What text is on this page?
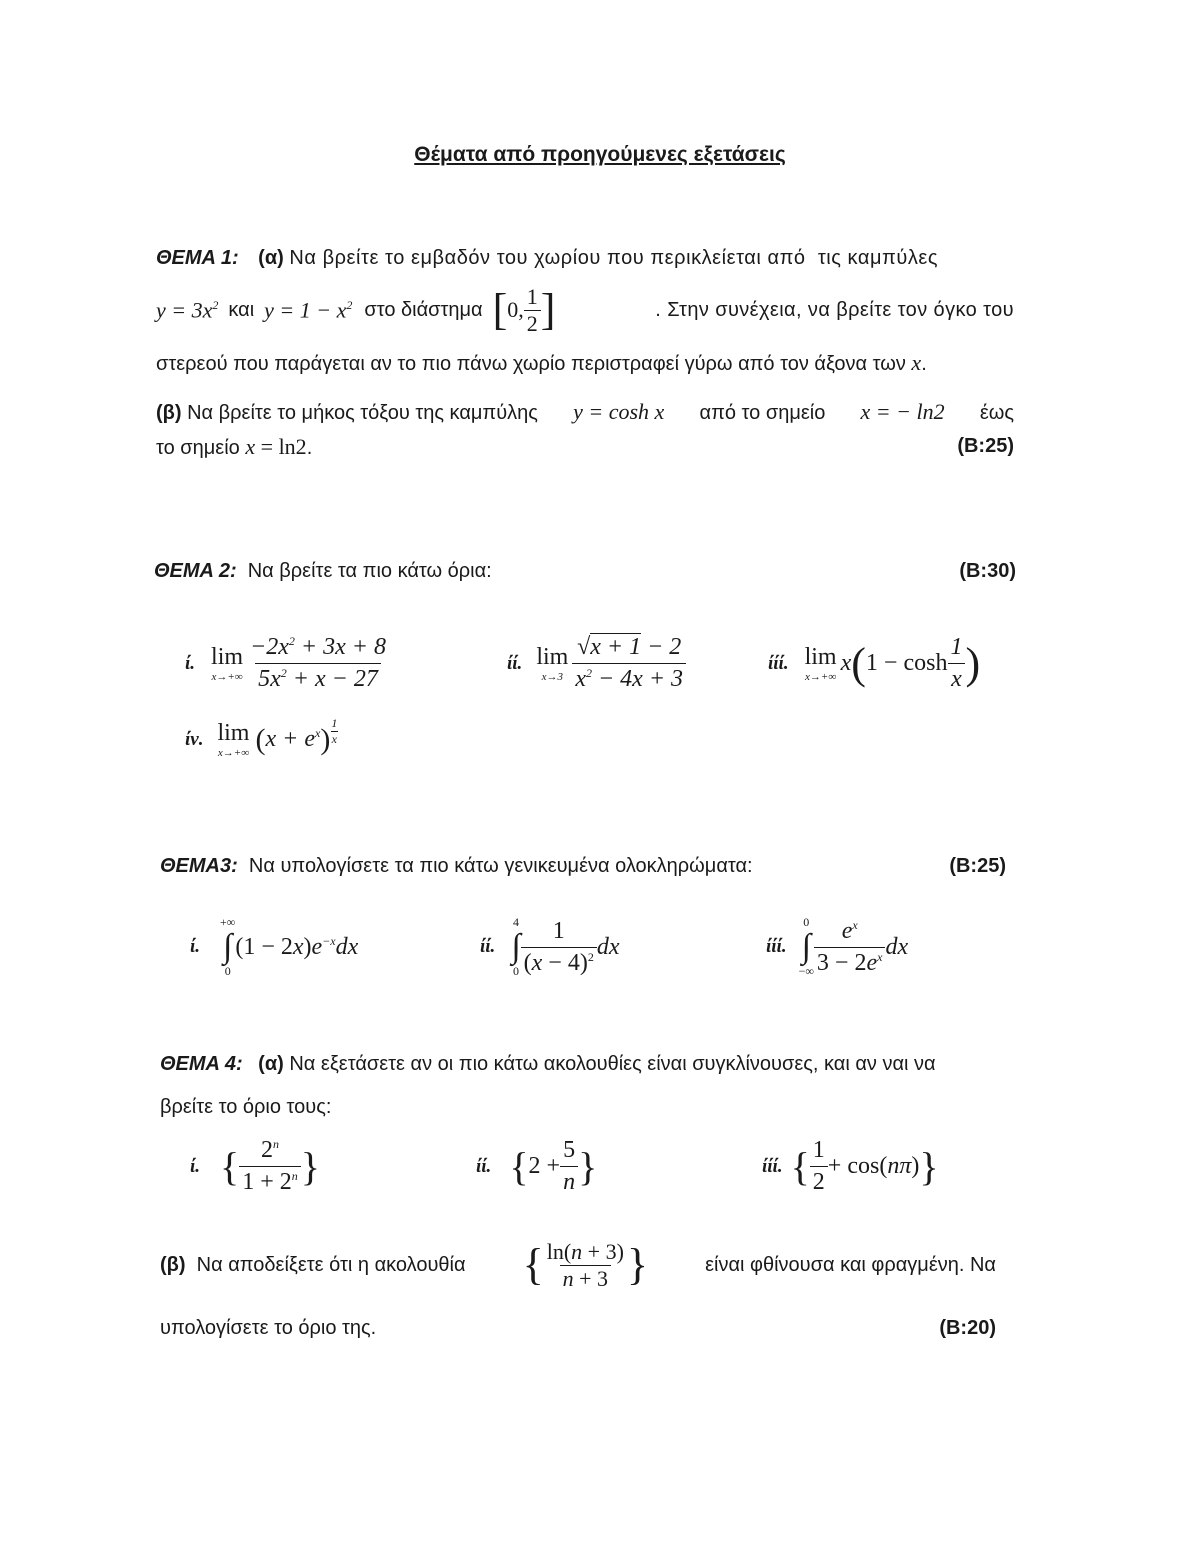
Θέματα από προηγούμενες εξετάσεις
ΘΕΜΑ 1: (α) Να βρείτε το εμβαδόν του χωρίου που περικλείεται από  τις καμπύλες
$y = 3x^2$ και $y = 1 - x^2$ στο διάστημα [ 0, $\frac{1}{2}$ ]	. Στην συνέχεια, να βρείτε τον όγκο του
στερεού που παράγεται αν το πιο πάνω χωρίο περιστραφεί γύρω από τον άξονα των x.
(β) Να βρείτε το μήκος τόξου της καμπύλης y = cosh x από το σημείο x = − ln2 έως
το σημείο x = ln2.	(B:25)
ΘΕΜΑ 2: Να βρείτε τα πιο κάτω όρια:	(B:30)
ί. lim
$x\to+\infty \frac{-2x^2 + 3x + 8}{5x^2 + x - 27}$	ίί. lim
$x\to 3 \frac{√x + 1 - 2}{x^2 - 4x + 3}$	ίίί. lim
x→+∞
x ( $1 - \cosh \frac{1}{x}$ )
ίν. lim
x→+∞ ( $x + e^x$ ) $\frac{1}{x}$
ΘΕΜΑ3: Να υπολογίσετε τα πιο κάτω γενικευμένα ολοκληρώματα:	(B:25)
ί.
+∞
∫
0
$(1 - 2x)e^{-x}dx$	ίί.
4
∫
$0 \frac{1}{(x - 4)^2}$ dx	ίίί.
0
∫
−∞ $\frac{e^x}{3 - 2e^x}$ dx
ΘΕΜΑ 4: (α) Να εξετάσετε αν οι πιο κάτω ακολουθίες είναι συγκλίνουσες, και αν ναι να
βρείτε το όριο τους:
ί. { $\frac{2^n}{1 + 2^n}$ }	ίί. { $2 + \frac{5}{n}$ }	ίίί. { $\frac{1}{2} + \cos$( nπ ) }
(β) Να αποδείξετε ότι η ακολουθία { $\frac{\ln(n + 3)}{n + 3}$ }	είναι φθίνουσα και φραγμένη. Να
υπολογίσετε το όριο της.	(B:20)
